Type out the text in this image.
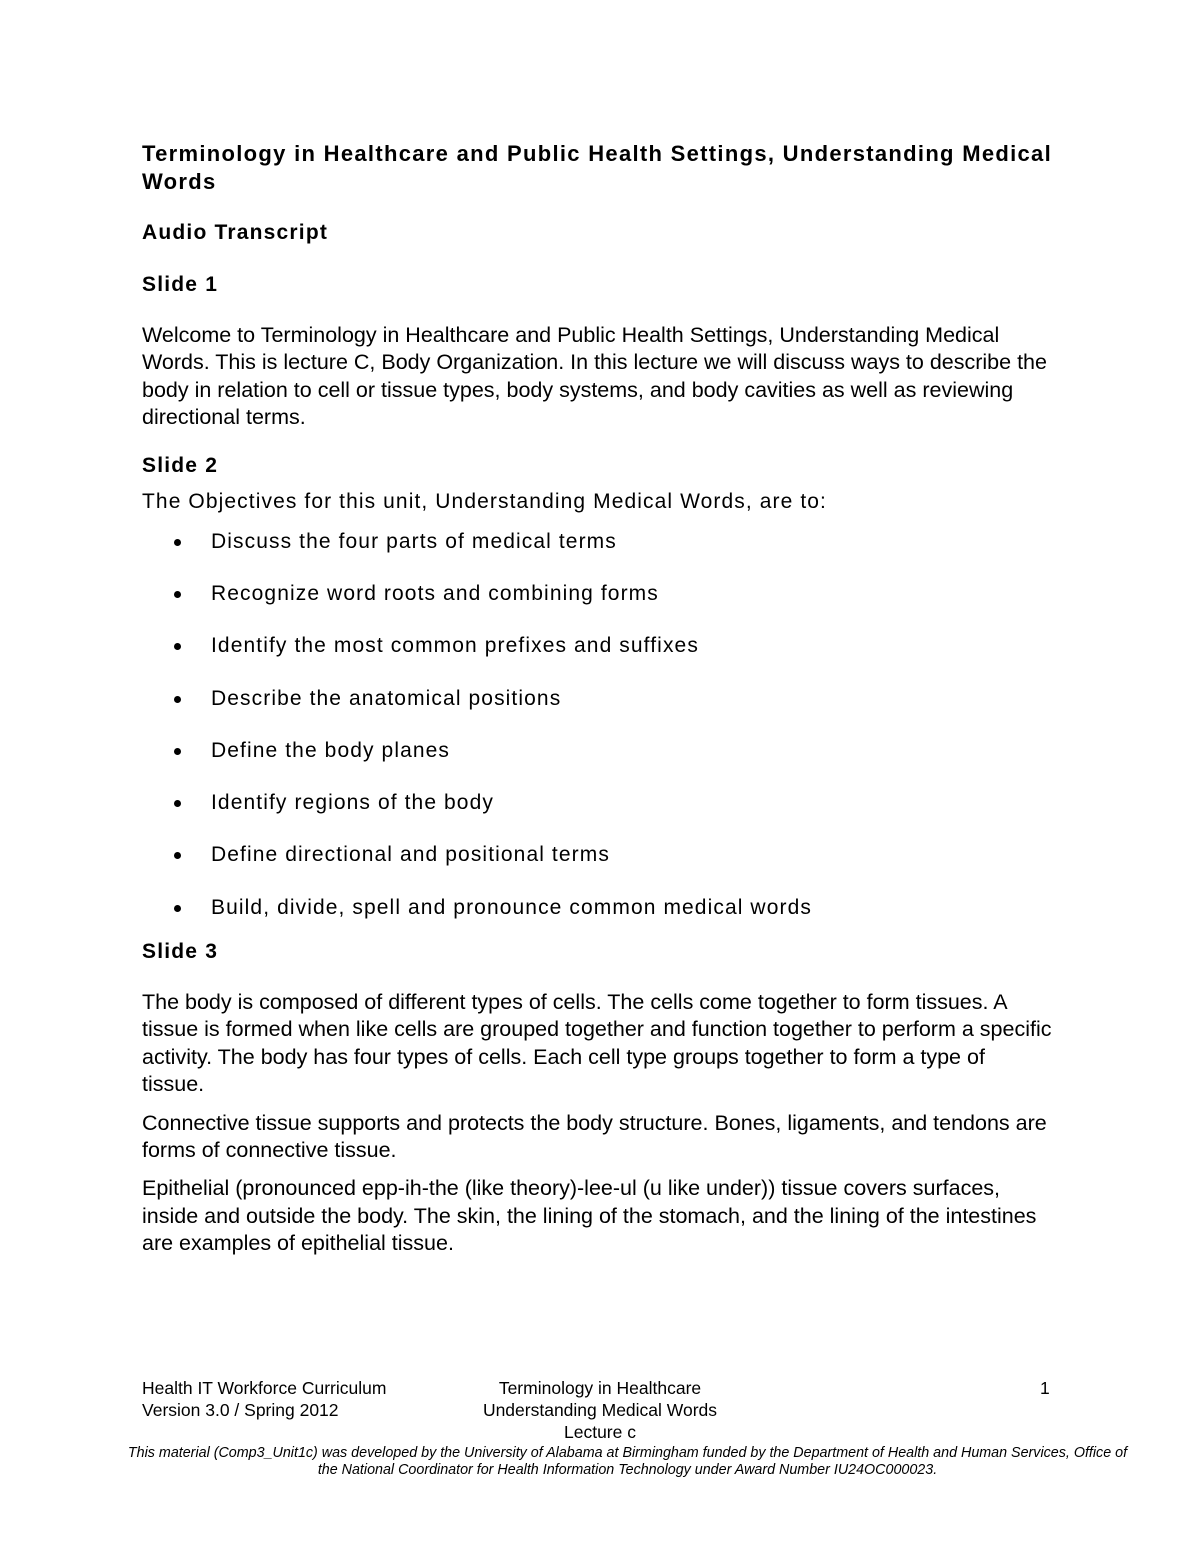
Terminology in Healthcare and Public Health Settings, Understanding Medical Words
Audio Transcript
Slide 1

Welcome to Terminology in Healthcare and Public Health Settings, Understanding Medical Words. This is lecture C, Body Organization. In this lecture we will discuss ways to describe the body in relation to cell or tissue types, body systems, and body cavities as well as reviewing directional terms.

Slide 2

The Objectives for this unit, Understanding Medical Words, are to:

Discuss the four parts of medical terms
Recognize word roots and combining forms
Identify the most common prefixes and suffixes
Describe the anatomical positions
Define the body planes
Identify regions of the body
Define directional and positional terms
Build, divide, spell and pronounce common medical words
Slide 3

The body is composed of different types of cells. The cells come together to form tissues. A tissue is formed when like cells are grouped together and function together to perform a specific activity. The body has four types of cells. Each cell type groups together to form a type of tissue.

Connective tissue supports and protects the body structure. Bones, ligaments, and tendons are forms of connective tissue.

Epithelial (pronounced epp-ih-the (like theory)-lee-ul (u like under)) tissue covers surfaces, inside and outside the body. The skin, the lining of the stomach, and the lining of the intestines are examples of epithelial tissue.

Health IT Workforce Curriculum
Version 3.0 / Spring 2012
Terminology in Healthcare
Understanding Medical Words
Lecture c
1
This material (Comp3_Unit1c) was developed by the University of Alabama at Birmingham funded by the Department of Health and Human Services, Office of the National Coordinator for Health Information Technology under Award Number IU24OC000023.
